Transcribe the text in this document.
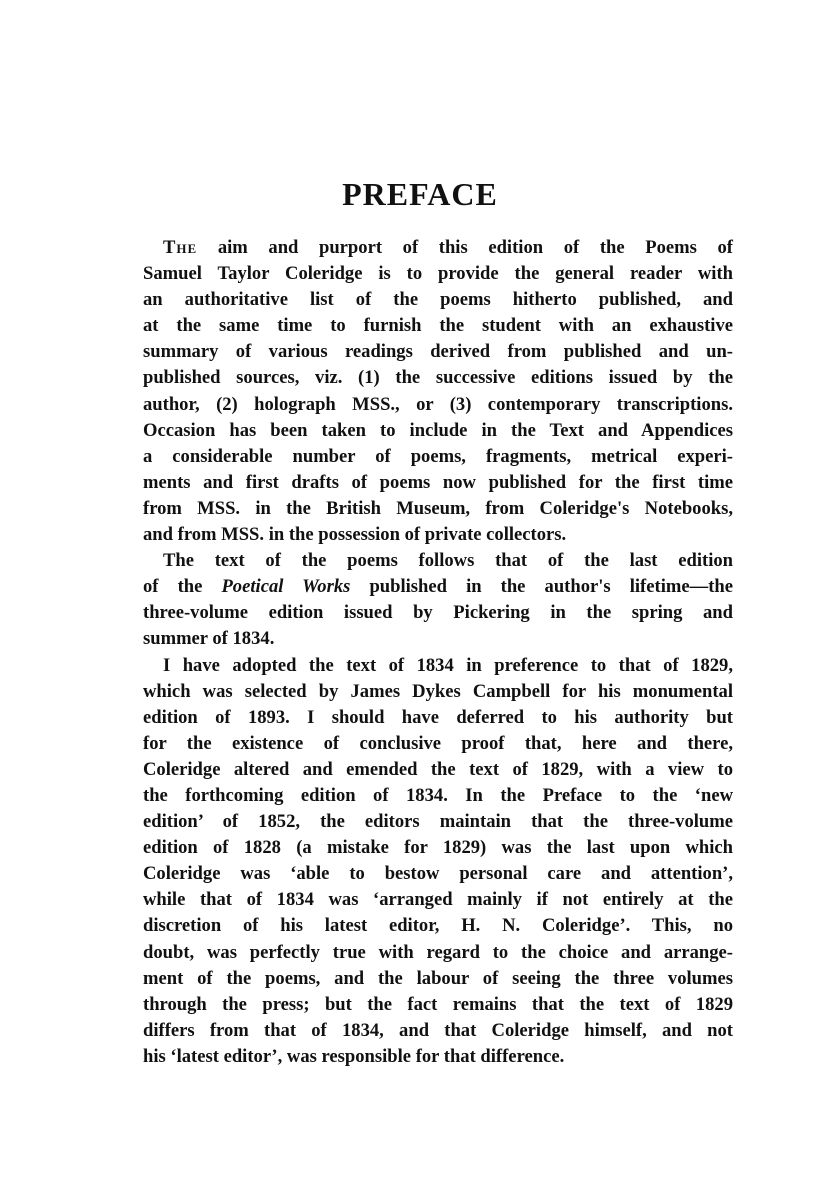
PREFACE
The aim and purport of this edition of the Poems of
Samuel Taylor Coleridge is to provide the general reader with
an authoritative list of the poems hitherto published, and
at the same time to furnish the student with an exhaustive
summary of various readings derived from published and un-
published sources, viz. (1) the successive editions issued by the
author, (2) holograph MSS., or (3) contemporary transcriptions.
Occasion has been taken to include in the Text and Appendices
a considerable number of poems, fragments, metrical experi-
ments and first drafts of poems now published for the first time
from MSS. in the British Museum, from Coleridge's Notebooks,
and from MSS. in the possession of private collectors.
The text of the poems follows that of the last edition
of the Poetical Works published in the author's lifetime—the
three-volume edition issued by Pickering in the spring and
summer of 1834.
I have adopted the text of 1834 in preference to that of 1829,
which was selected by James Dykes Campbell for his monumental
edition of 1893. I should have deferred to his authority but
for the existence of conclusive proof that, here and there,
Coleridge altered and emended the text of 1829, with a view to
the forthcoming edition of 1834. In the Preface to the ‘new
edition’ of 1852, the editors maintain that the three-volume
edition of 1828 (a mistake for 1829) was the last upon which
Coleridge was ‘able to bestow personal care and attention’,
while that of 1834 was ‘arranged mainly if not entirely at the
discretion of his latest editor, H. N. Coleridge’. This, no
doubt, was perfectly true with regard to the choice and arrange-
ment of the poems, and the labour of seeing the three volumes
through the press; but the fact remains that the text of 1829
differs from that of 1834, and that Coleridge himself, and not
his ‘latest editor’, was responsible for that difference.
